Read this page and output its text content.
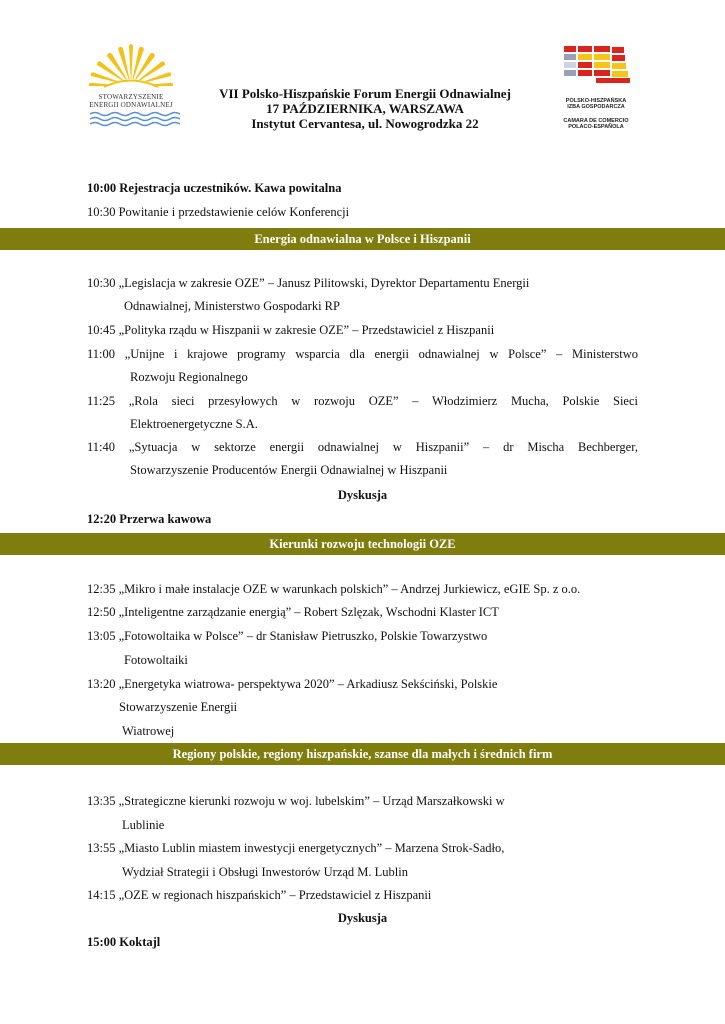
STOWARZYSZENIE
ENERGII ODNAWIALNEJ
VII Polsko-Hiszpańskie Forum Energii Odnawialnej
17 PAŹDZIERNIKA, WARSZAWA
Instytut Cervantesa, ul. Nowogrodzka 22
POLSKO-HISZPAŃSKA
IZBA GOSPODARCZA
CAMARA DE COMERCIO
POLACO-ESPAÑOLA
10:00 Rejestracja uczestników. Kawa powitalna
10:30 Powitanie i przedstawienie celów Konferencji
Energia odnawialna w Polsce i Hiszpanii
10:30 „Legislacja w zakresie OZE” – Janusz Pilitowski, Dyrektor Departamentu Energii
Odnawialnej, Ministerstwo Gospodarki RP
10:45 „Polityka rządu w Hiszpanii w zakresie OZE” – Przedstawiciel z Hiszpanii
11:00 „Unijne i krajowe programy wsparcia dla energii odnawialnej w Polsce” – Ministerstwo
Rozwoju Regionalnego
11:25 „Rola sieci przesyłowych w rozwoju OZE” – Włodzimierz Mucha, Polskie Sieci
Elektroenergetyczne S.A.
11:40 „Sytuacja w sektorze energii odnawialnej w Hiszpanii” – dr Mischa Bechberger,
Stowarzyszenie Producentów Energii Odnawialnej w Hiszpanii
Dyskusja
12:20 Przerwa kawowa
Kierunki rozwoju technologii OZE
12:35 „Mikro i małe instalacje OZE w warunkach polskich” – Andrzej Jurkiewicz, eGIE Sp. z o.o.
12:50 „Inteligentne zarządzanie energią” – Robert Szlęzak, Wschodni Klaster ICT
13:05 „Fotowoltaika w Polsce” – dr Stanisław Pietruszko, Polskie Towarzystwo
Fotowoltaiki
13:20 „Energetyka wiatrowa- perspektywa 2020” – Arkadiusz Sekściński, Polskie
Stowarzyszenie Energii
Wiatrowej
Regiony polskie, regiony hiszpańskie, szanse dla małych i średnich firm
13:35 „Strategiczne kierunki rozwoju w woj. lubelskim” – Urząd Marszałkowski w
Lublinie
13:55 „Miasto Lublin miastem inwestycji energetycznych” – Marzena Strok-Sadło,
Wydział Strategii i Obsługi Inwestorów Urząd M. Lublin
14:15 „OZE w regionach hiszpańskich” – Przedstawiciel z Hiszpanii
Dyskusja
15:00 Koktajl
